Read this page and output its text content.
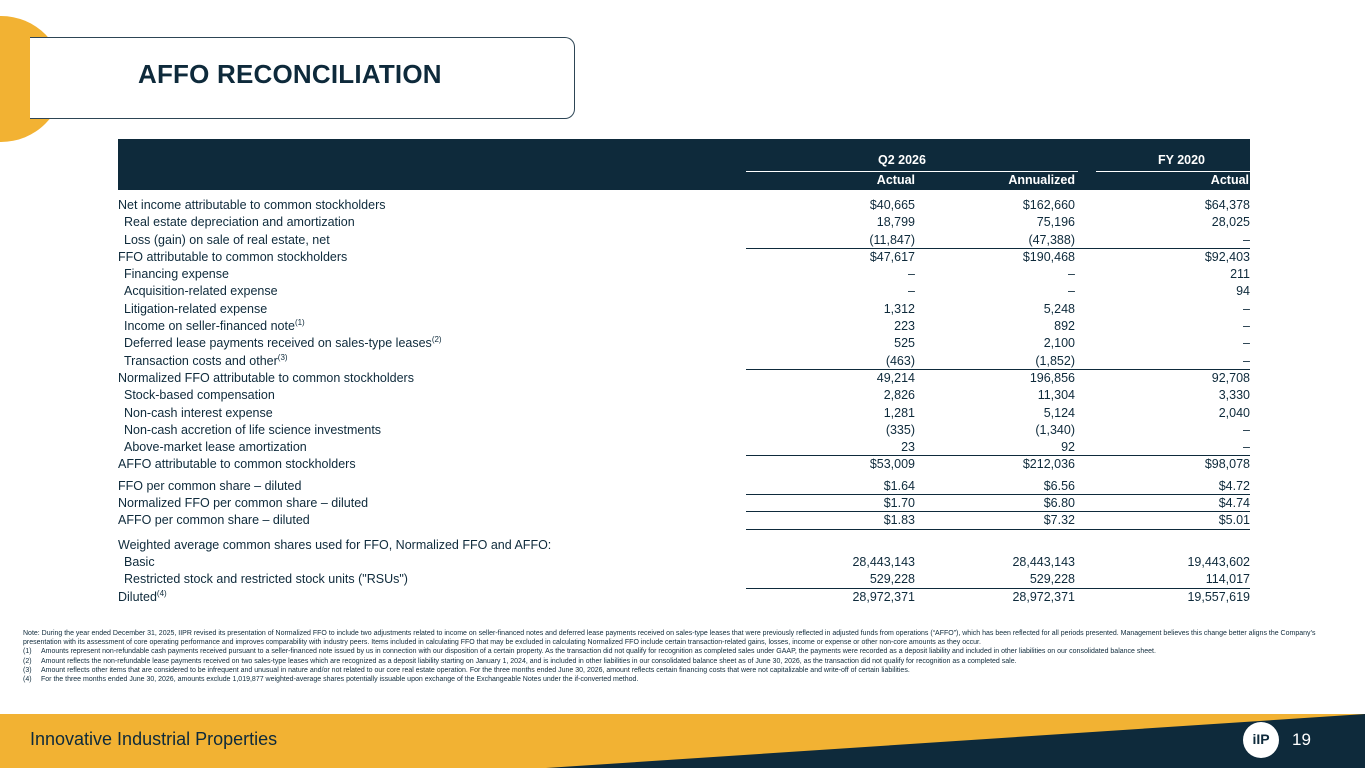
AFFO RECONCILIATION
Q2 2026	FY 2020
Actual	Annualized	Actual
Net income attributable to common stockholders	$40,665	$162,660	$64,378
Real estate depreciation and amortization	18,799	75,196	28,025
Loss (gain) on sale of real estate, net	(11,847)	(47,388)	–
FFO attributable to common stockholders	$47,617	$190,468	$92,403
Financing expense	–	–	211
Acquisition-related expense	–	–	94
Litigation-related expense	1,312	5,248	–
Income on seller-financed note$^{(1)}$	223	892	–
Deferred lease payments received on sales-type leases$^{(2)}$	525	2,100	–
Transaction costs and other$^{(3)}$	(463)	(1,852)	–
Normalized FFO attributable to common stockholders	49,214	196,856	92,708
Stock-based compensation	2,826	11,304	3,330
Non-cash interest expense	1,281	5,124	2,040
Non-cash accretion of life science investments	(335)	(1,340)	–
Above-market lease amortization	23	92	–
AFFO attributable to common stockholders	$53,009	$212,036	$98,078
FFO per common share – diluted	$1.64	$6.56	$4.72
Normalized FFO per common share – diluted	$1.70	$6.80	$4.74
AFFO per common share – diluted	$1.83	$7.32	$5.01
Weighted average common shares used for FFO, Normalized FFO and AFFO:
Basic	28,443,143	28,443,143	19,443,602
Restricted stock and restricted stock units ("RSUs")	529,228	529,228	114,017
Diluted$^{(4)}$	28,972,371	28,972,371	19,557,619
Note: During the year ended December 31, 2025, IIPR revised its presentation of Normalized FFO to include two adjustments related to income on seller-financed notes and deferred lease payments received on sales-type leases that were previously reflected in adjusted funds from operations (“AFFO”), which has been reflected for all periods presented. Management believes this change better aligns the Company’s presentation with its assessment of core operating performance and improves comparability with industry peers. Items included in calculating FFO that may be excluded in calculating Normalized FFO include certain transaction-related gains, losses, income or expense or other non-core amounts as they occur.
(1) Amounts represent non-refundable cash payments received pursuant to a seller-financed note issued by us in connection with our disposition of a certain property. As the transaction did not qualify for recognition as completed sales under GAAP, the payments were recorded as a deposit liability and included in other liabilities on our consolidated balance sheet.
(2) Amount reflects the non-refundable lease payments received on two sales-type leases which are recognized as a deposit liability starting on January 1, 2024, and is included in other liabilities in our consolidated balance sheet as of June 30, 2026, as the transaction did not qualify for recognition as a completed sale.
(3) Amount reflects other items that are considered to be infrequent and unusual in nature and/or not related to our core real estate operation. For the three months ended June 30, 2026, amount reflects certain financing costs that were not capitalizable and write-off of certain liabilities.
(4) For the three months ended June 30, 2026, amounts exclude 1,019,877 weighted-average shares potentially issuable upon exchange of the Exchangeable Notes under the if-converted method.
Innovative Industrial Properties	iIP	19
